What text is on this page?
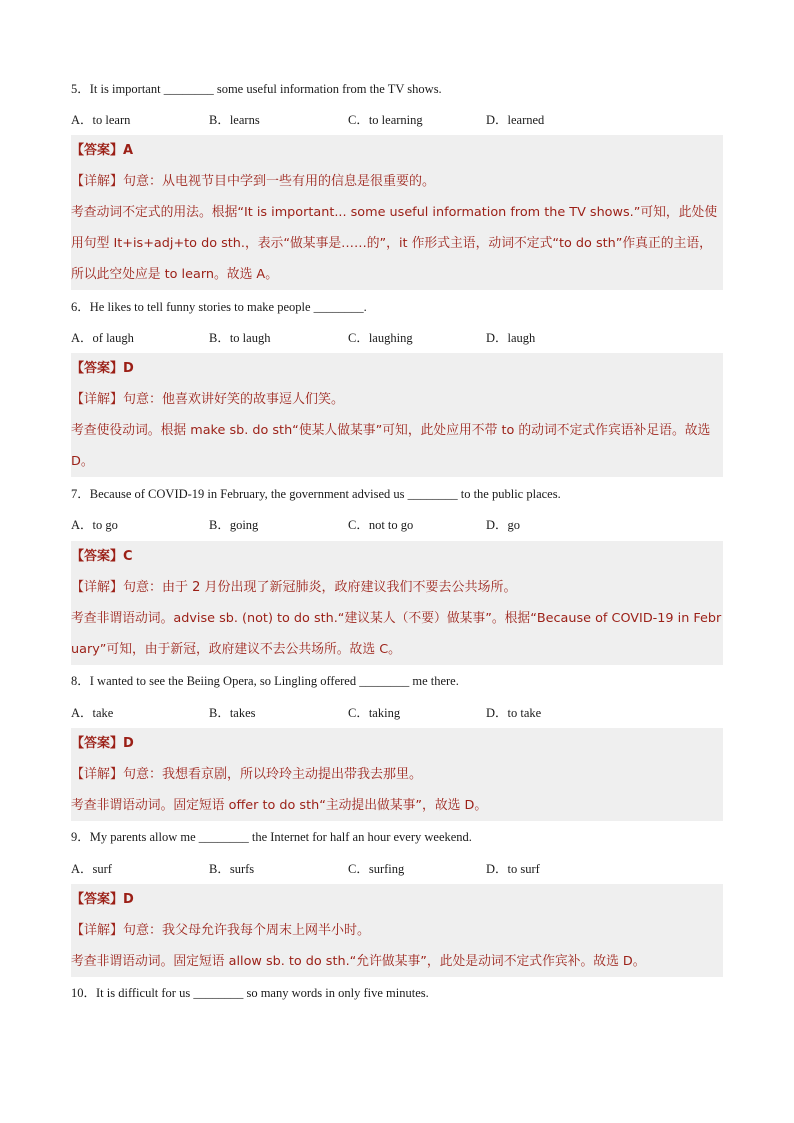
5．It is important ________ some useful information from the TV shows.
A．to learn	B．learns	C．to learning	D．learned
【答案】A
【详解】句意：从电视节目中学到一些有用的信息是很重要的。
考查动词不定式的用法。根据“It is important... some useful information from the TV shows.”可知，此处使用句型 It+is+adj+to do sth.，表示“做某事是……的”，it 作形式主语，动词不定式“to do sth”作真正的主语，所以此空处应是 to learn。故选 A。
6．He likes to tell funny stories to make people ________.
A．of laugh	B．to laugh	C．laughing	D．laugh
【答案】D
【详解】句意：他喜欢讲好笑的故事逗人们笑。
考查使役动词。根据 make sb. do sth“使某人做某事”可知，此处应用不带 to 的动词不定式作宾语补足语。故选 D。
7．Because of COVID-19 in February, the government advised us ________ to the public places.
A．to go	B．going	C．not to go	D．go
【答案】C
【详解】句意：由于 2 月份出现了新冠肺炎，政府建议我们不要去公共场所。
考查非谓语动词。advise sb. (not) to do sth.“建议某人（不要）做某事”。根据“Because of COVID-19 in February”可知，由于新冠，政府建议不去公共场所。故选 C。
8．I wanted to see the Beiing Opera, so Lingling offered ________ me there.
A．take	B．takes	C．taking	D．to take
【答案】D
【详解】句意：我想看京剧，所以玲玲主动提出带我去那里。
考查非谓语动词。固定短语 offer to do sth“主动提出做某事”，故选 D。
9．My parents allow me ________ the Internet for half an hour every weekend.
A．surf	B．surfs	C．surfing	D．to surf
【答案】D
【详解】句意：我父母允许我每个周末上网半小时。
考查非谓语动词。固定短语 allow sb. to do sth.“允许做某事”，此处是动词不定式作宾补。故选 D。
10．It is difficult for us ________ so many words in only five minutes.
